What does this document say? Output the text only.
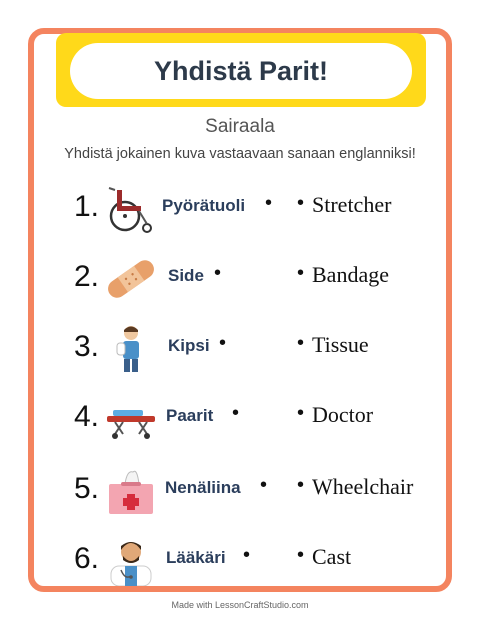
Yhdistä Parit!
Sairaala
Yhdistä jokainen kuva vastaavaan sanaan englanniksi!
1.	Pyörätuoli • • Stretcher
2.	Side •	• Bandage
3.	Kipsi •	• Tissue
4.	Paarit •	• Doctor
5.	Nenäliina • • Wheelchair
6.	Lääkäri • • Cast
Made with LessonCraftStudio.com
